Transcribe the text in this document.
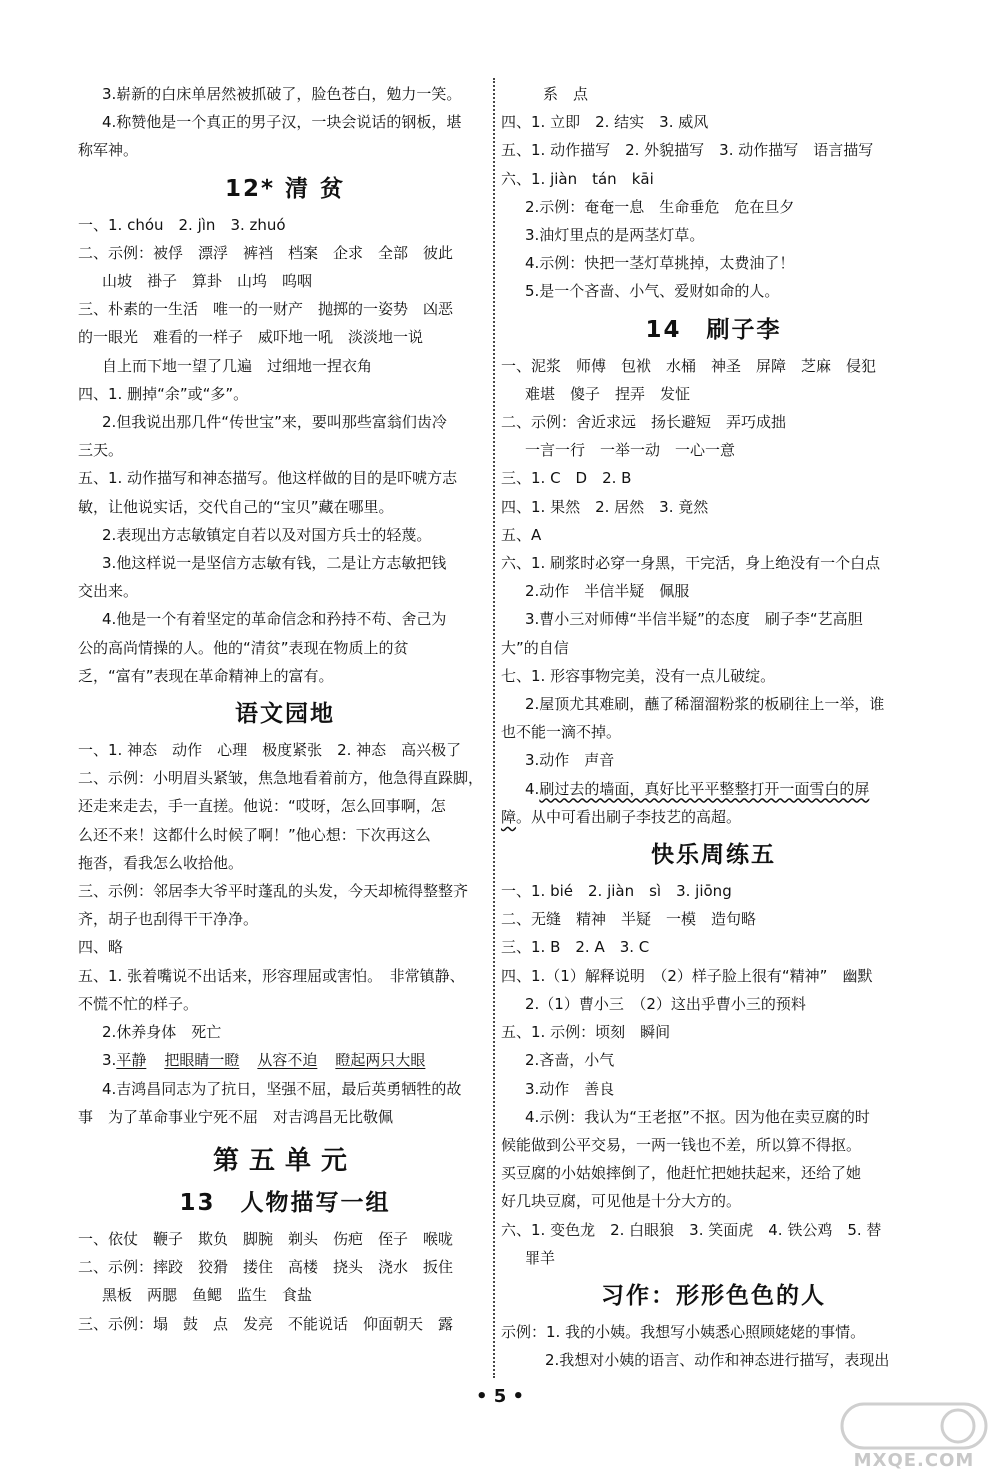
3.崭新的白床单居然被抓破了，脸色苍白，勉力一笑。

4.称赞他是一个真正的男子汉，一块会说话的钢板，堪

称军神。

12* 清 贫

一、1. chóu　2. jìn　3. zhuó

二、示例：被俘　漂浮　裤裆　档案　企求　全部　彼此

山坡　褂子　算卦　山坞　呜咽

三、朴素的一生活　唯一的一财产　抛掷的一姿势　凶恶

的一眼光　难看的一样子　威吓地一吼　淡淡地一说

自上而下地一望了几遍　过细地一捏衣角

四、1. 删掉“余”或“多”。

2.但我说出那几件“传世宝”来，要叫那些富翁们齿冷

三天。

五、1. 动作描写和神态描写。他这样做的目的是吓唬方志

敏，让他说实话，交代自己的“宝贝”藏在哪里。

2.表现出方志敏镇定自若以及对国方兵士的轻蔑。

3.他这样说一是坚信方志敏有钱，二是让方志敏把钱

交出来。

4.他是一个有着坚定的革命信念和矜持不苟、舍己为

公的高尚情操的人。他的“清贫”表现在物质上的贫

乏，“富有”表现在革命精神上的富有。

语文园地

一、1. 神态　动作　心理　极度紧张　2. 神态　高兴极了

二、示例：小明眉头紧皱，焦急地看着前方，他急得直跺脚，

还走来走去，手一直搓。他说：“哎呀，怎么回事啊，怎

么还不来！这都什么时候了啊！”他心想：下次再这么

拖沓，看我怎么收拾他。

三、示例：邻居李大爷平时蓬乱的头发，今天却梳得整整齐

齐，胡子也刮得干干净净。

四、略

五、1. 张着嘴说不出话来，形容理屈或害怕。　非常镇静、

不慌不忙的样子。

2.休养身体　死亡

3.平静 把眼睛一瞪 从容不迫 瞪起两只大眼

4.吉鸿昌同志为了抗日，坚强不屈，最后英勇牺牲的故

事　为了革命事业宁死不屈　对吉鸿昌无比敬佩

第五单元
13　人物描写一组

一、依仗　鞭子　欺负　脚腕　剃头　伤疤　侄子　喉咙

二、示例：摔跤　狡猾　搂住　高楼　挠头　浇水　扳住

黑板　两腮　鱼鳃　监生　食盐

三、示例：塌　鼓　点　发亮　不能说话　仰面朝天　露

系　点

四、1. 立即　2. 结实　3. 威风

五、1. 动作描写　2. 外貌描写　3. 动作描写　语言描写

六、1. jiàn　tán　kāi

2.示例：奄奄一息　生命垂危　危在旦夕

3.油灯里点的是两茎灯草。

4.示例：快把一茎灯草挑掉，太费油了！

5.是一个吝啬、小气、爱财如命的人。

14　刷子李

一、泥浆　师傅　包袱　水桶　神圣　屏障　芝麻　侵犯

难堪　傻子　捏弄　发怔

二、示例：舍近求远　扬长避短　弄巧成拙

一言一行　一举一动　一心一意

三、1. C　D　2. B

四、1. 果然　2. 居然　3. 竟然

五、A

六、1. 刷浆时必穿一身黑，干完活，身上绝没有一个白点

2.动作　半信半疑　佩服

3.曹小三对师傅“半信半疑”的态度　刷子李“艺高胆

大”的自信

七、1. 形容事物完美，没有一点儿破绽。

2.屋顶尤其难刷，蘸了稀溜溜粉浆的板刷往上一举，谁

也不能一滴不掉。

3.动作　声音

4.刷过去的墙面，真好比平平整整打开一面雪白的屏

障。从中可看出刷子李技艺的高超。

快乐周练五

一、1. bié　2. jiàn　sì　3. jiōng

二、无缝　精神　半疑　一模　造句略

三、1. B　2. A　3. C

四、1.（1）解释说明　（2）样子脸上很有“精神”　幽默

2.（1）曹小三　（2）这出乎曹小三的预料

五、1. 示例：顷刻　瞬间

2.吝啬，小气

3.动作　善良

4.示例：我认为“王老抠”不抠。因为他在卖豆腐的时

候能做到公平交易，一两一钱也不差，所以算不得抠。

买豆腐的小姑娘摔倒了，他赶忙把她扶起来，还给了她

好几块豆腐，可见他是十分大方的。

六、1. 变色龙　2. 白眼狼　3. 笑面虎　4. 铁公鸡　5. 替

罪羊

习作：形形色色的人

示例：1. 我的小姨。我想写小姨悉心照顾姥姥的事情。

2.我想对小姨的语言、动作和神态进行描写，表现出

• 5 •
MXQE.COM
